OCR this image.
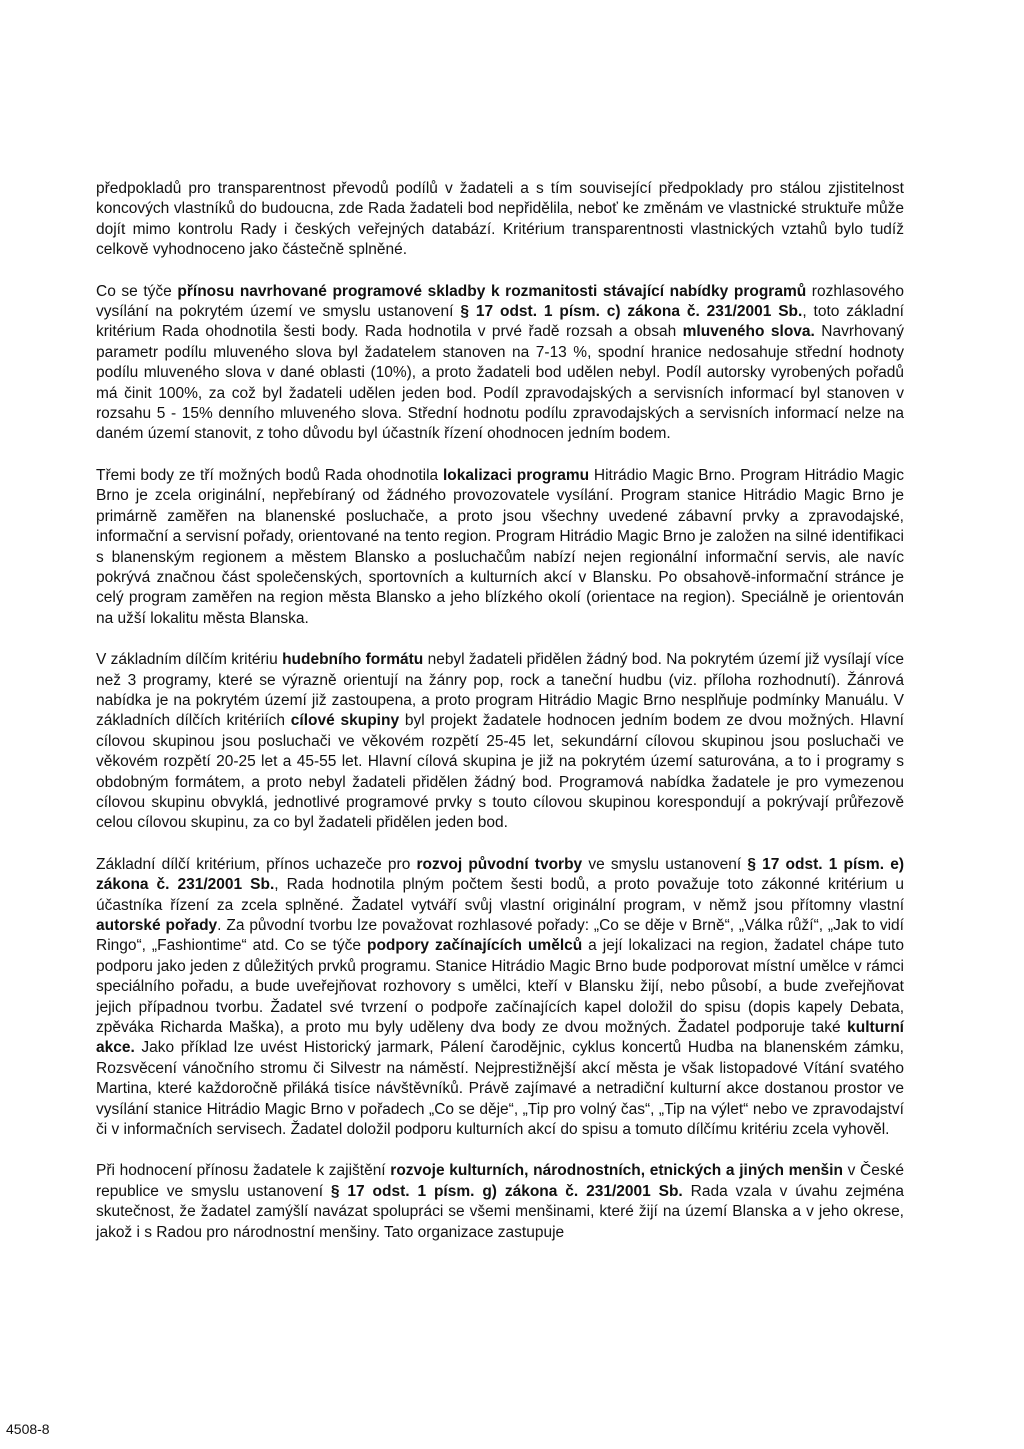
předpokladů pro transparentnost převodů podílů v žadateli a s tím související předpoklady pro stálou zjistitelnost koncových vlastníků do budoucna, zde Rada žadateli bod nepřidělila, neboť ke změnám ve vlastnické struktuře může dojít mimo kontrolu Rady i českých veřejných databází. Kritérium transparentnosti vlastnických vztahů bylo tudíž celkově vyhodnoceno jako částečně splněné.

Co se týče přínosu navrhované programové skladby k rozmanitosti stávající nabídky programů rozhlasového vysílání na pokrytém území ve smyslu ustanovení § 17 odst. 1 písm. c) zákona č. 231/2001 Sb., toto základní kritérium Rada ohodnotila šesti body. Rada hodnotila v prvé řadě rozsah a obsah mluveného slova. Navrhovaný parametr podílu mluveného slova byl žadatelem stanoven na 7-13 %, spodní hranice nedosahuje střední hodnoty podílu mluveného slova v dané oblasti (10%), a proto žadateli bod udělen nebyl. Podíl autorsky vyrobených pořadů má činit 100%, za což byl žadateli udělen jeden bod. Podíl zpravodajských a servisních informací byl stanoven v rozsahu 5 - 15% denního mluveného slova. Střední hodnotu podílu zpravodajských a servisních informací nelze na daném území stanovit, z toho důvodu byl účastník řízení ohodnocen jedním bodem.

Třemi body ze tří možných bodů Rada ohodnotila lokalizaci programu Hitrádio Magic Brno. Program Hitrádio Magic Brno je zcela originální, nepřebíraný od žádného provozovatele vysílání. Program stanice Hitrádio Magic Brno je primárně zaměřen na blanenské posluchače, a proto jsou všechny uvedené zábavní prvky a zpravodajské, informační a servisní pořady, orientované na tento region. Program Hitrádio Magic Brno je založen na silné identifikaci s blanenským regionem a městem Blansko a posluchačům nabízí nejen regionální informační servis, ale navíc pokrývá značnou část společenských, sportovních a kulturních akcí v Blansku. Po obsahově-informační stránce je celý program zaměřen na region města Blansko a jeho blízkého okolí (orientace na region). Speciálně je orientován na užší lokalitu města Blanska.

V základním dílčím kritériu hudebního formátu nebyl žadateli přidělen žádný bod. Na pokrytém území již vysílají více než 3 programy, které se výrazně orientují na žánry pop, rock a taneční hudbu (viz. příloha rozhodnutí). Žánrová nabídka je na pokrytém území již zastoupena, a proto program Hitrádio Magic Brno nesplňuje podmínky Manuálu. V základních dílčích kritériích cílové skupiny byl projekt žadatele hodnocen jedním bodem ze dvou možných. Hlavní cílovou skupinou jsou posluchači ve věkovém rozpětí 25-45 let, sekundární cílovou skupinou jsou posluchači ve věkovém rozpětí 20-25 let a 45-55 let. Hlavní cílová skupina je již na pokrytém území saturována, a to i programy s obdobným formátem, a proto nebyl žadateli přidělen žádný bod. Programová nabídka žadatele je pro vymezenou cílovou skupinu obvyklá, jednotlivé programové prvky s touto cílovou skupinou korespondují a pokrývají průřezově celou cílovou skupinu, za co byl žadateli přidělen jeden bod.

Základní dílčí kritérium, přínos uchazeče pro rozvoj původní tvorby ve smyslu ustanovení § 17 odst. 1 písm. e) zákona č. 231/2001 Sb., Rada hodnotila plným počtem šesti bodů, a proto považuje toto zákonné kritérium u účastníka řízení za zcela splněné. Žadatel vytváří svůj vlastní originální program, v němž jsou přítomny vlastní autorské pořady. Za původní tvorbu lze považovat rozhlasové pořady: „Co se děje v Brně“, „Válka růží“, „Jak to vidí Ringo“, „Fashiontime“ atd. Co se týče podpory začínajících umělců a její lokalizaci na region, žadatel chápe tuto podporu jako jeden z důležitých prvků programu. Stanice Hitrádio Magic Brno bude podporovat místní umělce v rámci speciálního pořadu, a bude uveřejňovat rozhovory s umělci, kteří v Blansku žijí, nebo působí, a bude zveřejňovat jejich případnou tvorbu. Žadatel své tvrzení o podpoře začínajících kapel doložil do spisu (dopis kapely Debata, zpěváka Richarda Maška), a proto mu byly uděleny dva body ze dvou možných. Žadatel podporuje také kulturní akce. Jako příklad lze uvést Historický jarmark, Pálení čarodějnic, cyklus koncertů Hudba na blanenském zámku, Rozsvěcení vánočního stromu či Silvestr na náměstí. Nejprestižnější akcí města je však listopadové Vítání svatého Martina, které každoročně přiláká tisíce návštěvníků. Právě zajímavé a netradiční kulturní akce dostanou prostor ve vysílání stanice Hitrádio Magic Brno v pořadech „Co se děje“, „Tip pro volný čas“, „Tip na výlet“ nebo ve zpravodajství či v informačních servisech. Žadatel doložil podporu kulturních akcí do spisu a tomuto dílčímu kritériu zcela vyhověl.

Při hodnocení přínosu žadatele k zajištění rozvoje kulturních, národnostních, etnických a jiných menšin v České republice ve smyslu ustanovení § 17 odst. 1 písm. g) zákona č. 231/2001 Sb. Rada vzala v úvahu zejména skutečnost, že žadatel zamýšlí navázat spolupráci se všemi menšinami, které žijí na území Blanska a v jeho okrese, jakož i s Radou pro národnostní menšiny. Tato organizace zastupuje

4508-8
